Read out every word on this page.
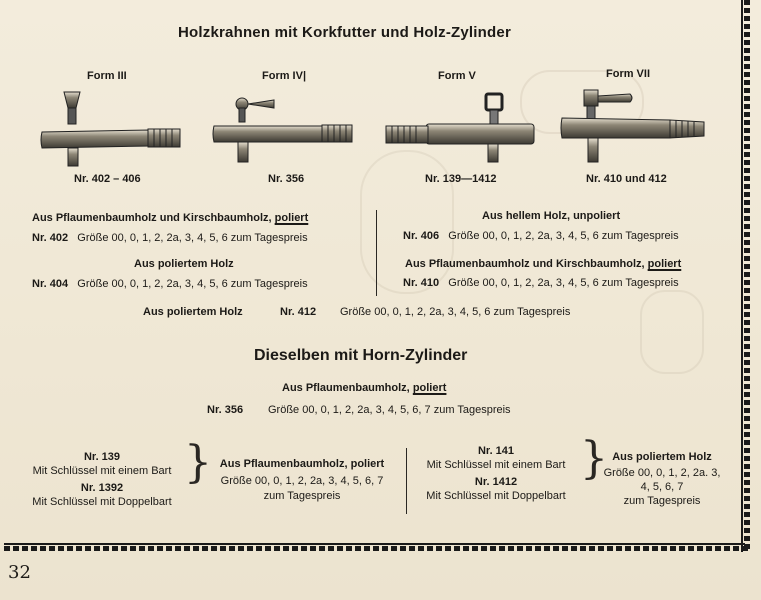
Holzkrahnen mit Korkfutter und Holz-Zylinder
Form III	Form IV|	Form V	Form VII
Nr. 402 – 406	Nr. 356	Nr. 139—1412	Nr. 410 und 412
Aus Pflaumenbaumholz und Kirschbaumholz, poliert
Nr. 402 Größe 00, 0, 1, 2, 2a, 3, 4, 5, 6 zum Tagespreis
Aus poliertem Holz
Nr. 404 Größe 00, 0, 1, 2, 2a, 3, 4, 5, 6 zum Tagespreis
Aus hellem Holz, unpoliert
Nr. 406 Größe 00, 0, 1, 2, 2a, 3, 4, 5, 6 zum Tagespreis
Aus Pflaumenbaumholz und Kirschbaumholz, poliert
Nr. 410 Größe 00, 0, 1, 2, 2a, 3, 4, 5, 6 zum Tagespreis
Aus poliertem Holz	Nr. 412 Größe 00, 0, 1, 2, 2a, 3, 4, 5, 6 zum Tagespreis
Dieselben mit Horn-Zylinder
Aus Pflaumenbaumholz, poliert
Nr. 356 Größe 00, 0, 1, 2, 2a, 3, 4, 5, 6, 7 zum Tagespreis
Nr. 139
Mit Schlüssel mit einem Bart
Nr. 1392
Mit Schlüssel mit Doppelbart
} Aus Pflaumenbaumholz, poliert
Größe 00, 0, 1, 2, 2a, 3, 4, 5, 6, 7
zum Tagespreis
Nr. 141
Mit Schlüssel mit einem Bart
Nr. 1412
Mit Schlüssel mit Doppelbart
} Aus poliertem Holz
Größe 00, 0, 1, 2, 2a. 3,
4, 5, 6, 7
zum Tagespreis
32
